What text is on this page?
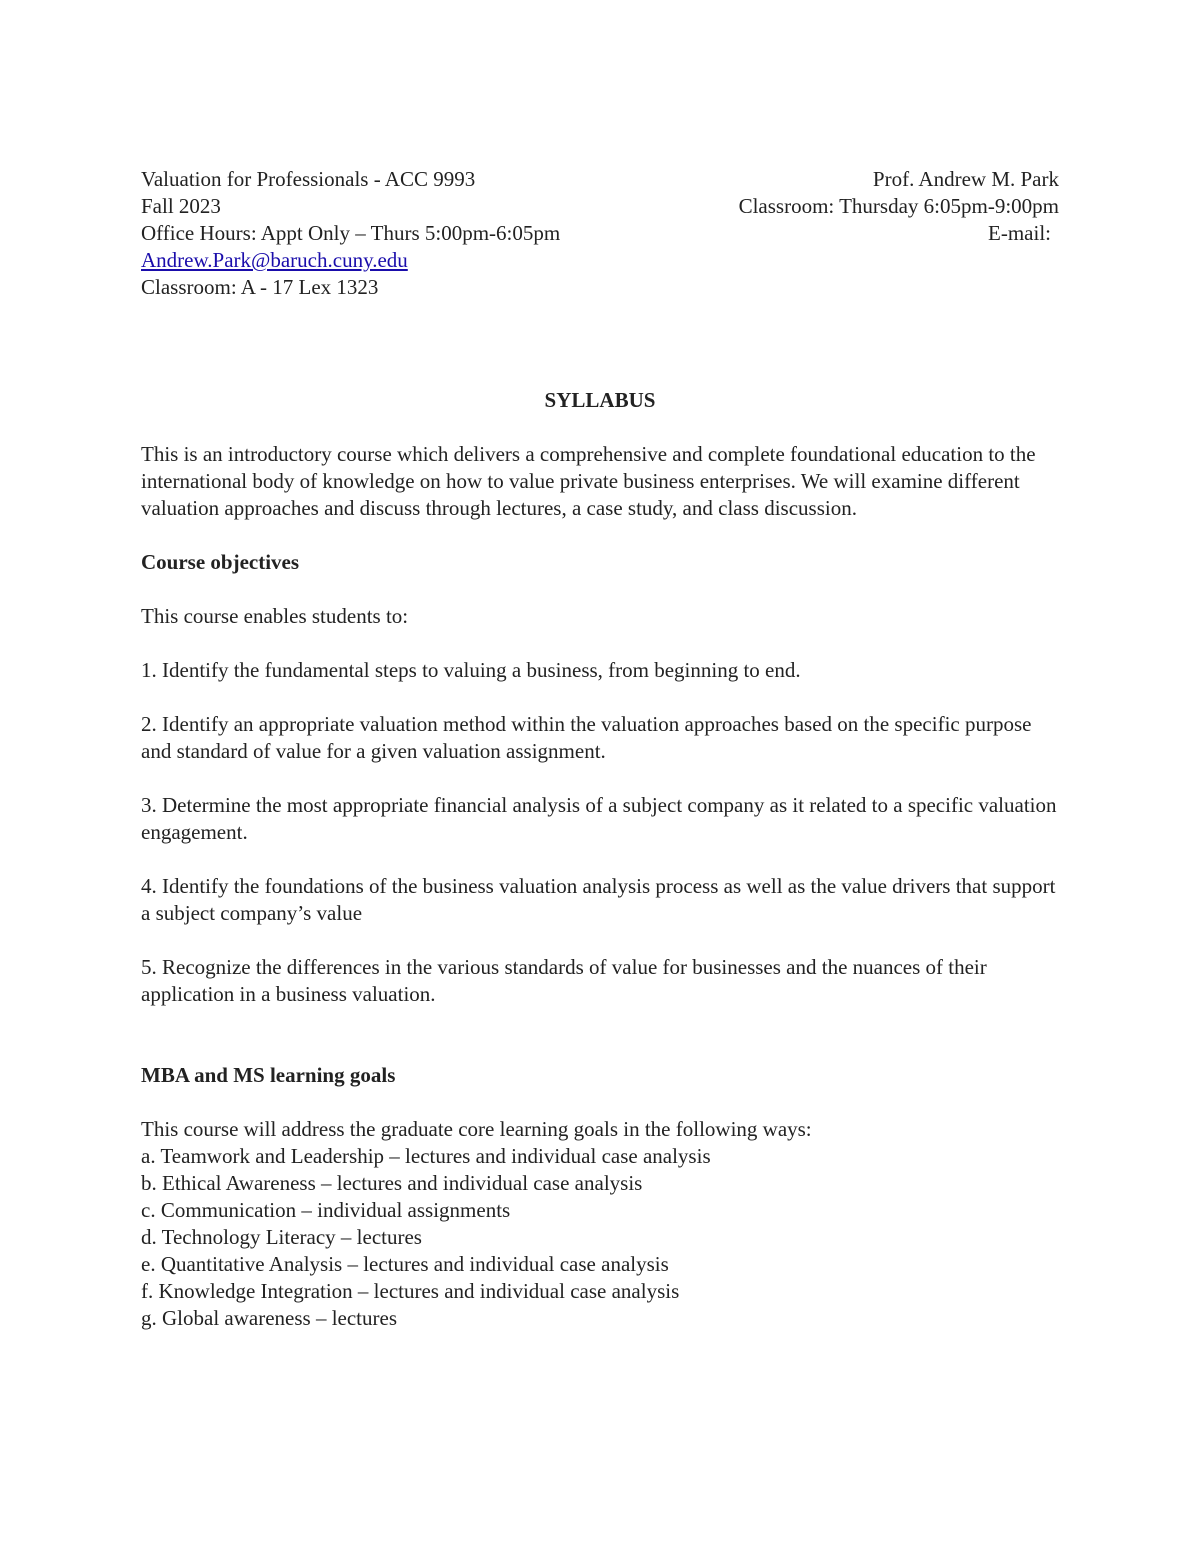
Valuation for Professionals - ACC 9993	Prof. Andrew M. Park
Fall 2023	Classroom: Thursday 6:05pm-9:00pm
Office Hours: Appt Only – Thurs 5:00pm-6:05pm	E-mail:
Andrew.Park@baruch.cuny.edu
Classroom: A - 17 Lex 1323
SYLLABUS

This is an introductory course which delivers a comprehensive and complete foundational education to the international body of knowledge on how to value private business enterprises. We will examine different valuation approaches and discuss through lectures, a case study, and class discussion.

Course objectives

This course enables students to:

1. Identify the fundamental steps to valuing a business, from beginning to end.

2. Identify an appropriate valuation method within the valuation approaches based on the specific purpose and standard of value for a given valuation assignment.

3. Determine the most appropriate financial analysis of a subject company as it related to a specific valuation engagement.

4. Identify the foundations of the business valuation analysis process as well as the value drivers that support a subject company’s value

5. Recognize the differences in the various standards of value for businesses and the nuances of their application in a business valuation.

MBA and MS learning goals

This course will address the graduate core learning goals in the following ways:

a. Teamwork and Leadership – lectures and individual case analysis
b. Ethical Awareness – lectures and individual case analysis
c. Communication – individual assignments
d. Technology Literacy – lectures
e. Quantitative Analysis – lectures and individual case analysis
f. Knowledge Integration – lectures and individual case analysis
g. Global awareness – lectures
